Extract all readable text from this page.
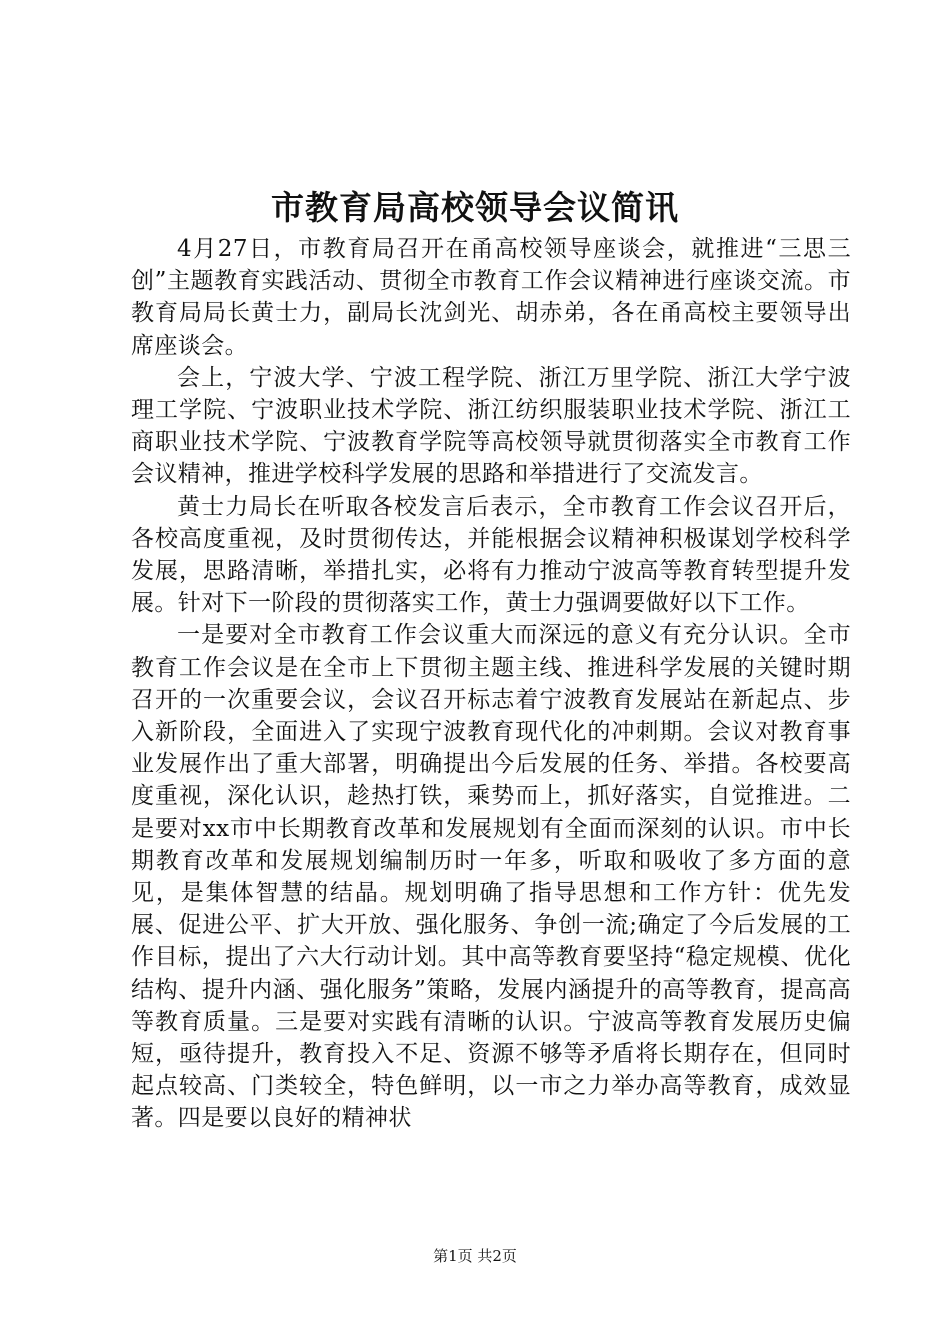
市教育局高校领导会议简讯

4月27日，市教育局召开在甬高校领导座谈会，就推进“三思三创”主题教育实践活动、贯彻全市教育工作会议精神进行座谈交流。市教育局局长黄士力，副局长沈剑光、胡赤弟，各在甬高校主要领导出席座谈会。

会上，宁波大学、宁波工程学院、浙江万里学院、浙江大学宁波理工学院、宁波职业技术学院、浙江纺织服装职业技术学院、浙江工商职业技术学院、宁波教育学院等高校领导就贯彻落实全市教育工作会议精神，推进学校科学发展的思路和举措进行了交流发言。

黄士力局长在听取各校发言后表示，全市教育工作会议召开后，各校高度重视，及时贯彻传达，并能根据会议精神积极谋划学校科学发展，思路清晰，举措扎实，必将有力推动宁波高等教育转型提升发展。针对下一阶段的贯彻落实工作，黄士力强调要做好以下工作。

一是要对全市教育工作会议重大而深远的意义有充分认识。全市教育工作会议是在全市上下贯彻主题主线、推进科学发展的关键时期召开的一次重要会议，会议召开标志着宁波教育发展站在新起点、步入新阶段，全面进入了实现宁波教育现代化的冲刺期。会议对教育事业发展作出了重大部署，明确提出今后发展的任务、举措。各校要高度重视，深化认识，趁热打铁，乘势而上，抓好落实，自觉推进。二是要对xx市中长期教育改革和发展规划有全面而深刻的认识。市中长期教育改革和发展规划编制历时一年多，听取和吸收了多方面的意见，是集体智慧的结晶。规划明确了指导思想和工作方针：优先发展、促进公平、扩大开放、强化服务、争创一流;确定了今后发展的工作目标，提出了六大行动计划。其中高等教育要坚持“稳定规模、优化结构、提升内涵、强化服务”策略，发展内涵提升的高等教育，提高高等教育质量。三是要对实践有清晰的认识。宁波高等教育发展历史偏短，亟待提升，教育投入不足、资源不够等矛盾将长期存在，但同时起点较高、门类较全，特色鲜明，以一市之力举办高等教育，成效显著。四是要以良好的精神状

第1页 共2页
